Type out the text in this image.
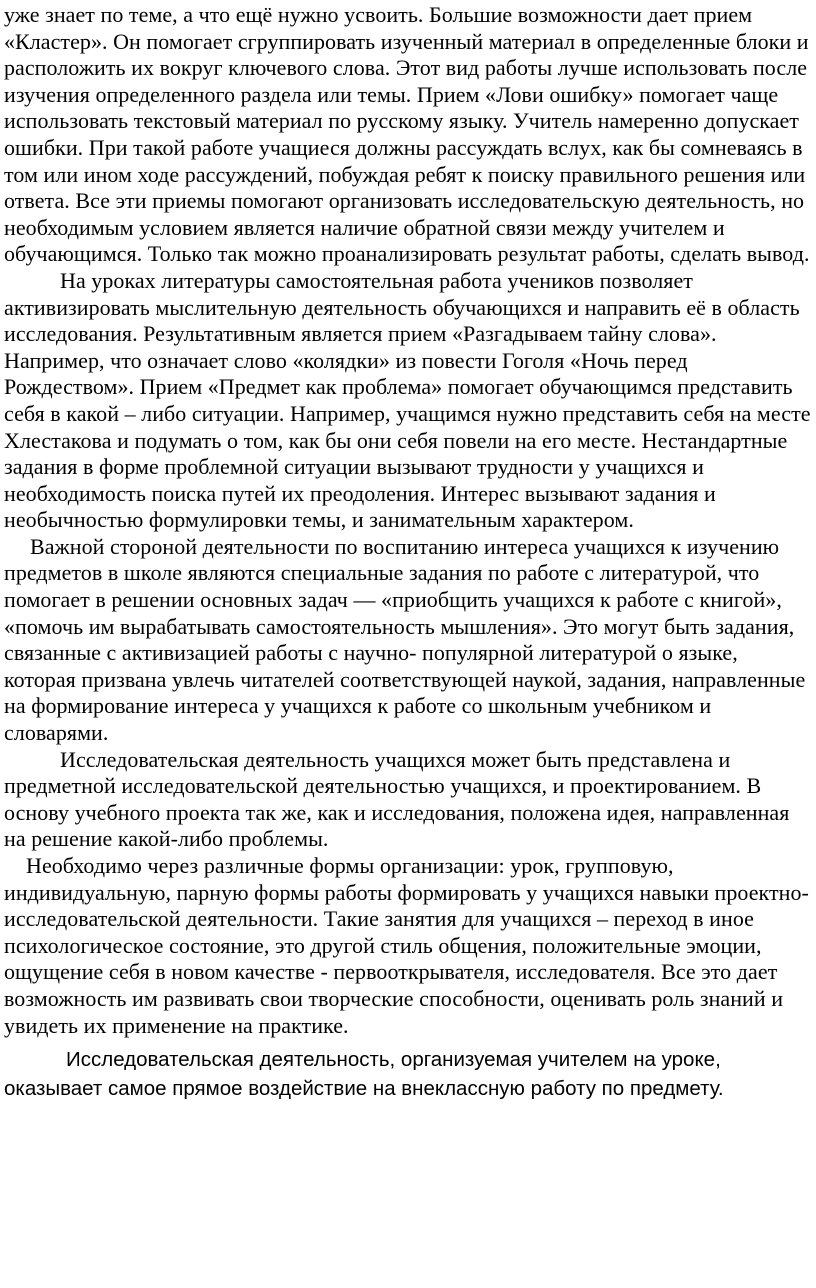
уже знает по теме, а что ещё нужно усвоить. Большие возможности дает прием «Кластер». Он помогает сгруппировать изученный материал в определенные блоки и расположить их вокруг ключевого слова. Этот вид работы лучше использовать после изучения определенного раздела или темы. Прием «Лови ошибку» помогает чаще использовать текстовый материал по русскому языку. Учитель намеренно допускает ошибки. При такой работе учащиеся должны рассуждать вслух, как бы сомневаясь в том или ином ходе рассуждений, побуждая ребят к поиску правильного решения или ответа. Все эти приемы помогают организовать исследовательскую деятельность, но необходимым условием является наличие обратной связи между учителем и обучающимся. Только так можно проанализировать результат работы, сделать вывод.

На уроках литературы самостоятельная работа учеников позволяет активизировать мыслительную деятельность обучающихся и направить её в область исследования. Результативным является прием «Разгадываем тайну слова». Например, что означает слово «колядки» из повести Гоголя «Ночь перед Рождеством». Прием «Предмет как проблема» помогает обучающимся представить себя в какой – либо ситуации. Например, учащимся нужно представить себя на месте Хлестакова и подумать о том, как бы они себя повели на его месте. Нестандартные задания в форме проблемной ситуации вызывают трудности у учащихся и необходимость поиска путей их преодоления. Интерес вызывают задания и необычностью формулировки темы, и занимательным характером.

Важной стороной деятельности по воспитанию интереса учащихся к изучению предметов в школе являются специальные задания по работе с литературой, что помогает в решении основных задач — «приобщить учащихся к работе с книгой», «помочь им вырабатывать самостоятельность мышления». Это могут быть задания, связанные с активизацией работы с научно- популярной литературой о языке, которая призвана увлечь читателей соответствующей наукой, задания, направленные на формирование интереса у учащихся к работе со школьным учебником и словарями.

Исследовательская деятельность учащихся может быть представлена и предметной исследовательской деятельностью учащихся, и проектированием. В основу учебного проекта так же, как и исследования, положена идея, направленная на решение какой-либо проблемы.

Необходимо через различные формы организации: урок, групповую, индивидуальную, парную формы работы формировать у учащихся навыки проектно-исследовательской деятельности. Такие занятия для учащихся – переход в иное психологическое состояние, это другой стиль общения, положительные эмоции, ощущение себя в новом качестве - первооткрывателя, исследователя. Все это дает возможность им развивать свои творческие способности, оценивать роль знаний и увидеть их применение на практике.

Исследовательская деятельность, организуемая учителем на уроке, оказывает самое прямое воздействие на внеклассную работу по предмету.
